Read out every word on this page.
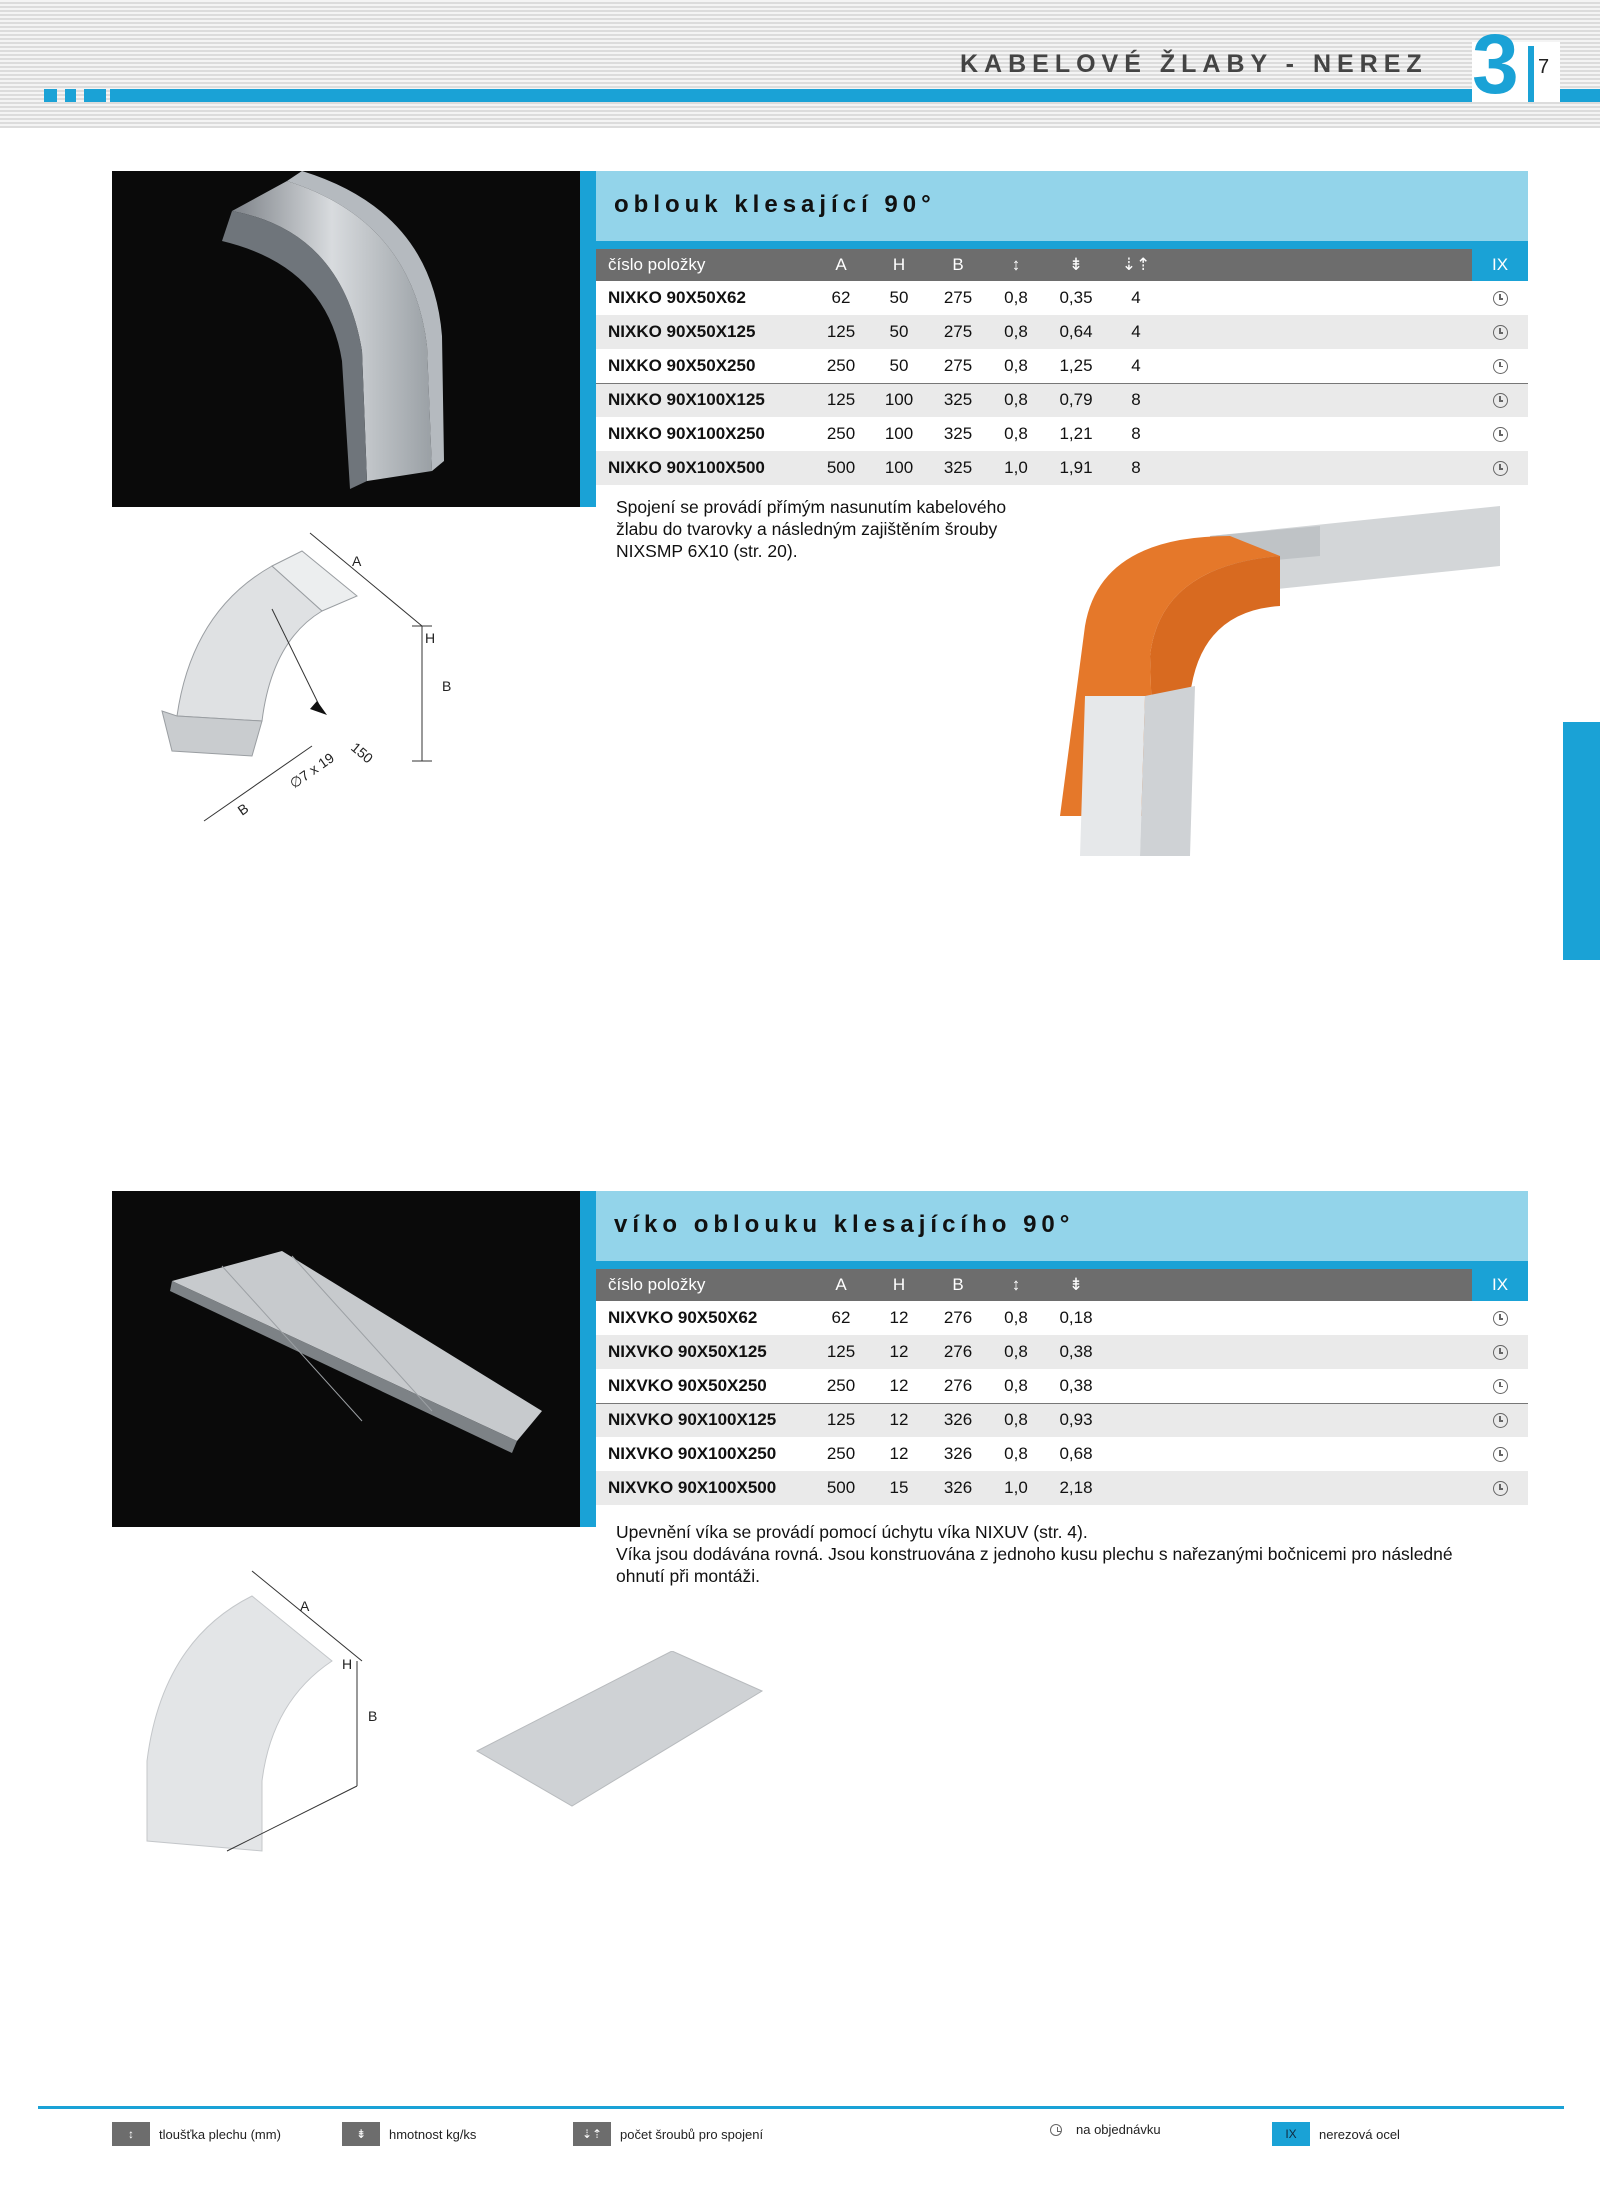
KABELOVÉ ŽLABY - NEREZ 3 7
oblouk klesající 90°
číslo položky	A	H	B	↕	⇟	⇣⇡		IX
NIXKO 90X50X62	62	50	275	0,8	0,35	4		
NIXKO 90X50X125	125	50	275	0,8	0,64	4		
NIXKO 90X50X250	250	50	275	0,8	1,25	4		
NIXKO 90X100X125	125	100	325	0,8	0,79	8		
NIXKO 90X100X250	250	100	325	0,8	1,21	8		
NIXKO 90X100X500	500	100	325	1,0	1,91	8		
Spojení se provádí přímým nasunutím kabelového
žlabu do tvarovky a následným zajištěním šrouby
NIXSMP 6X10 (str. 20).
A
H
B
150
∅7 x 19
B
víko oblouku klesajícího 90°
číslo položky	A	H	B	↕	⇟			IX
NIXVKO 90X50X62	62	12	276	0,8	0,18			
NIXVKO 90X50X125	125	12	276	0,8	0,38			
NIXVKO 90X50X250	250	12	276	0,8	0,38			
NIXVKO 90X100X125	125	12	326	0,8	0,93			
NIXVKO 90X100X250	250	12	326	0,8	0,68			
NIXVKO 90X100X500	500	15	326	1,0	2,18			
Upevnění víka se provádí pomocí úchytu víka NIXUV (str. 4).
Víka jsou dodávána rovná. Jsou konstruována z jednoho kusu plechu s nařezanými bočnicemi pro následné
ohnutí při montáži.
A
H
B
↕	tloušťka plechu (mm)	⇟	hmotnost kg/ks	⇣⇡	počet šroubů pro spojení	na objednávku	IX	nerezová ocel
